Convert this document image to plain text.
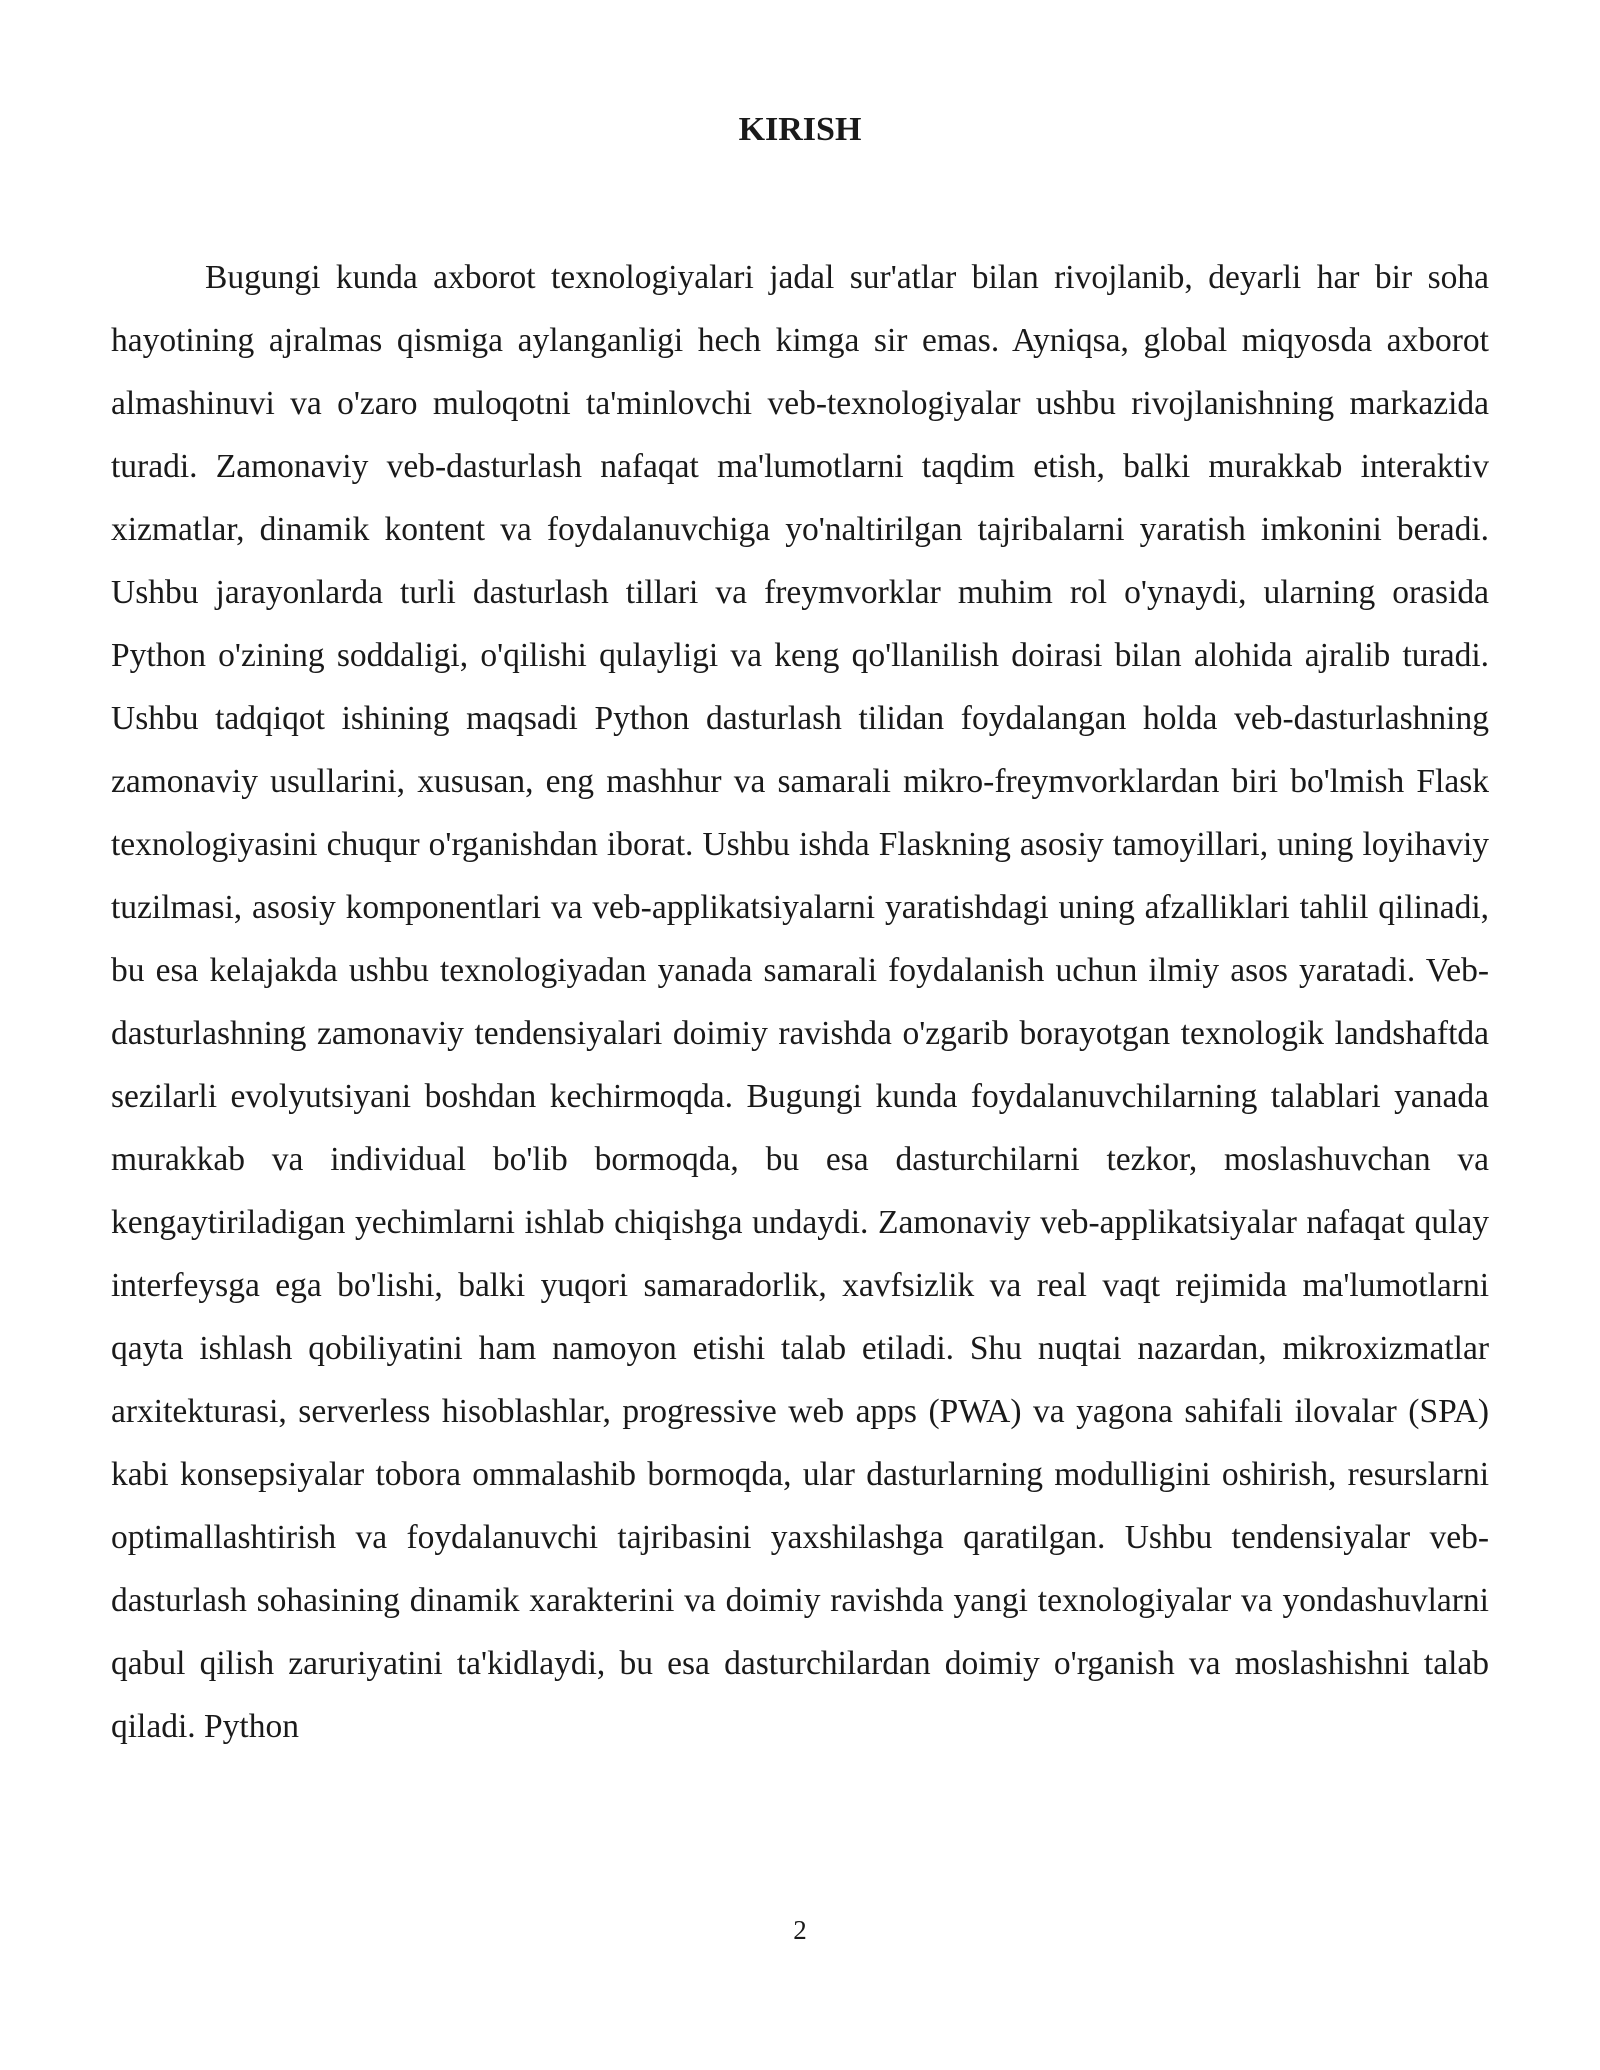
KIRISH

Bugungi kunda axborot texnologiyalari jadal sur'atlar bilan rivojlanib, deyarli har bir soha hayotining ajralmas qismiga aylanganligi hech kimga sir emas. Ayniqsa, global miqyosda axborot almashinuvi va o'zaro muloqotni ta'minlovchi veb-texnologiyalar ushbu rivojlanishning markazida turadi. Zamonaviy veb-dasturlash nafaqat ma'lumotlarni taqdim etish, balki murakkab interaktiv xizmatlar, dinamik kontent va foydalanuvchiga yo'naltirilgan tajribalarni yaratish imkonini beradi. Ushbu jarayonlarda turli dasturlash tillari va freymvorklar muhim rol o'ynaydi, ularning orasida Python o'zining soddaligi, o'qilishi qulayligi va keng qo'llanilish doirasi bilan alohida ajralib turadi. Ushbu tadqiqot ishining maqsadi Python dasturlash tilidan foydalangan holda veb-dasturlashning zamonaviy usullarini, xususan, eng mashhur va samarali mikro-freymvorklardan biri bo'lmish Flask texnologiyasini chuqur o'rganishdan iborat. Ushbu ishda Flaskning asosiy tamoyillari, uning loyihaviy tuzilmasi, asosiy komponentlari va veb-applikatsiyalarni yaratishdagi uning afzalliklari tahlil qilinadi, bu esa kelajakda ushbu texnologiyadan yanada samarali foydalanish uchun ilmiy asos yaratadi. Veb-dasturlashning zamonaviy tendensiyalari doimiy ravishda o'zgarib borayotgan texnologik landshaftda sezilarli evolyutsiyani boshdan kechirmoqda. Bugungi kunda foydalanuvchilarning talablari yanada murakkab va individual bo'lib bormoqda, bu esa dasturchilarni tezkor, moslashuvchan va kengaytiriladigan yechimlarni ishlab chiqishga undaydi. Zamonaviy veb-applikatsiyalar nafaqat qulay interfeysga ega bo'lishi, balki yuqori samaradorlik, xavfsizlik va real vaqt rejimida ma'lumotlarni qayta ishlash qobiliyatini ham namoyon etishi talab etiladi. Shu nuqtai nazardan, mikroxizmatlar arxitekturasi, serverless hisoblashlar, progressive web apps (PWA) va yagona sahifali ilovalar (SPA) kabi konsepsiyalar tobora ommalashib bormoqda, ular dasturlarning modulligini oshirish, resurslarni optimallashtirish va foydalanuvchi tajribasini yaxshilashga qaratilgan. Ushbu tendensiyalar veb-dasturlash sohasining dinamik xarakterini va doimiy ravishda yangi texnologiyalar va yondashuvlarni qabul qilish zaruriyatini ta'kidlaydi, bu esa dasturchilardan doimiy o'rganish va moslashishni talab qiladi. Python

2
